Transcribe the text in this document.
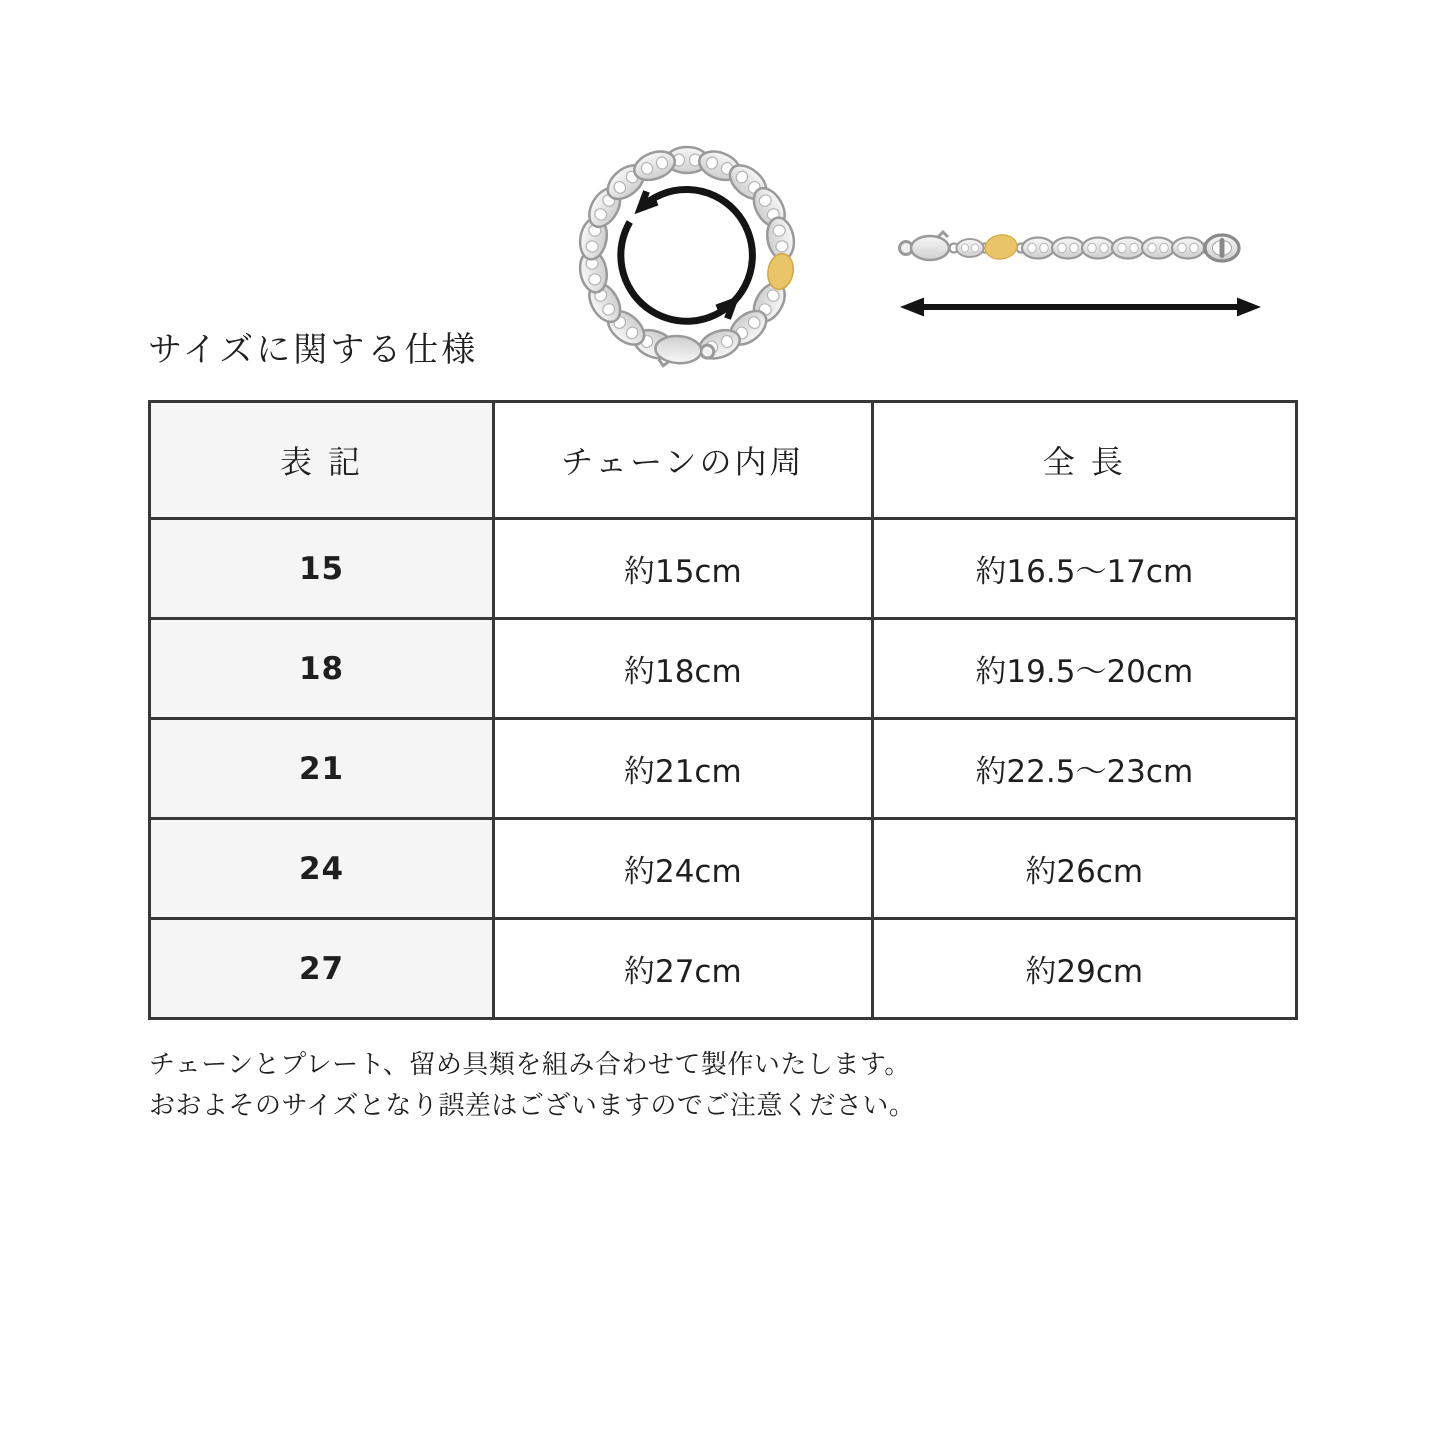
サイズに関する仕様
表 記	チェーンの内周	全 長
15	約15cm	約16.5〜17cm
18	約18cm	約19.5〜20cm
21	約21cm	約22.5〜23cm
24	約24cm	約26cm
27	約27cm	約29cm

チェーンとプレート、留め具類を組み合わせて製作いたします。
おおよそのサイズとなり誤差はございますのでご注意ください。
